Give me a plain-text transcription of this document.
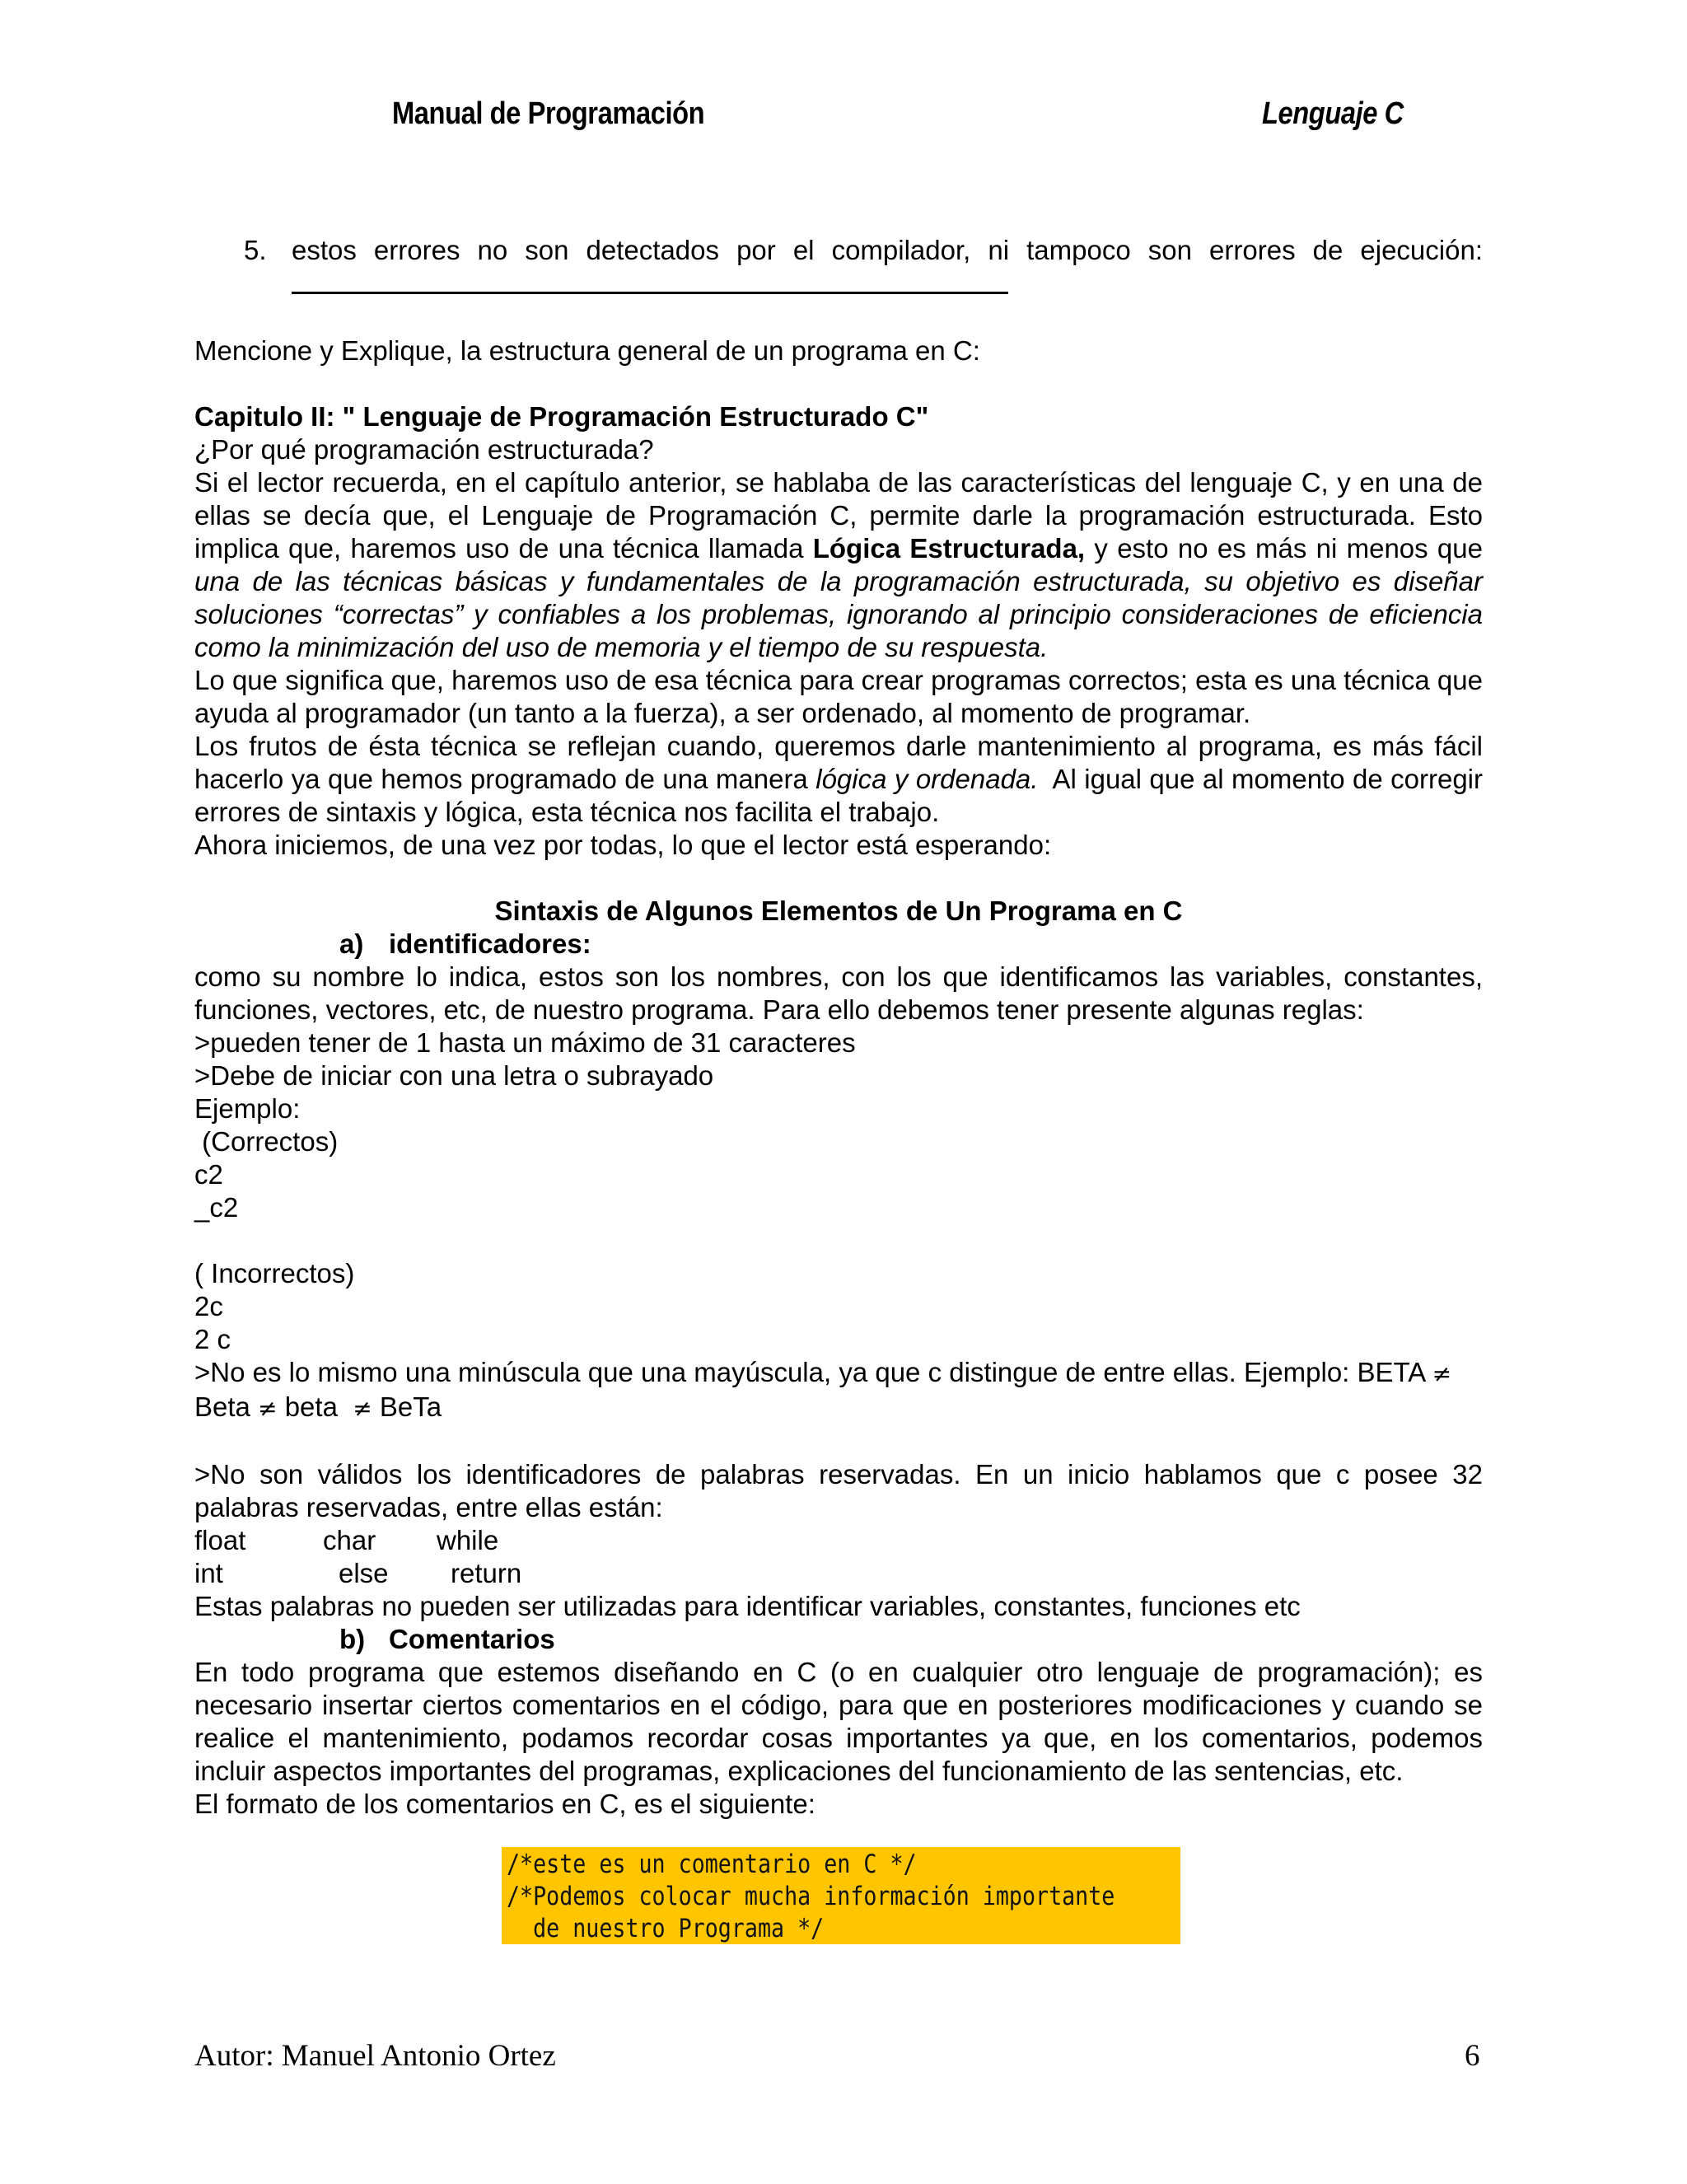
Manual de Programación	Lenguaje C
5. estos errores no son detectados por el compilador, ni tampoco son errores de ejecución:

Mencione y Explique, la estructura general de un programa en C:

Capitulo II: " Lenguaje de Programación Estructurado C"

¿Por qué programación estructurada?

Si el lector recuerda, en el capítulo anterior, se hablaba de las características del lenguaje C, y en una de ellas se decía que, el Lenguaje de Programación C, permite darle la programación estructurada. Esto implica que, haremos uso de una técnica llamada Lógica Estructurada, y esto no es más ni menos que una de las técnicas básicas y fundamentales de la programación estructurada, su objetivo es diseñar soluciones “correctas” y confiables a los problemas, ignorando al principio consideraciones de eficiencia como la minimización del uso de memoria y el tiempo de su respuesta.

Lo que significa que, haremos uso de esa técnica para crear programas correctos; esta es una técnica que ayuda al programador (un tanto a la fuerza), a ser ordenado, al momento de programar.

Los frutos de ésta técnica se reflejan cuando, queremos darle mantenimiento al programa, es más fácil hacerlo ya que hemos programado de una manera lógica y ordenada.  Al igual que al momento de corregir errores de sintaxis y lógica, esta técnica nos facilita el trabajo.

Ahora iniciemos, de una vez por todas, lo que el lector está esperando:

Sintaxis de Algunos Elementos de Un Programa en C

a) identificadores:

como su nombre lo indica, estos son los nombres, con los que identificamos las variables, constantes, funciones, vectores, etc, de nuestro programa. Para ello debemos tener presente algunas reglas:

>pueden tener de 1 hasta un máximo de 31 caracteres

>Debe de iniciar con una letra o subrayado

Ejemplo:

(Correctos)

c2

_c2

( Incorrectos)

2c

2 c

>No es lo mismo una minúscula que una mayúscula, ya que c distingue de entre ellas. Ejemplo: BETA ≠
Beta ≠ beta  ≠ BeTa

>No son válidos los identificadores de palabras reservadas. En un inicio hablamos que c posee 32 palabras reservadas, entre ellas están:

float	char while

int	else return

Estas palabras no pueden ser utilizadas para identificar variables, constantes, funciones etc

b) Comentarios

En todo programa que estemos diseñando en C (o en cualquier otro lenguaje de programación); es necesario insertar ciertos comentarios en el código, para que en posteriores modificaciones y cuando se realice el mantenimiento, podamos recordar cosas importantes ya que, en los comentarios, podemos incluir aspectos importantes del programas, explicaciones del funcionamiento de las sentencias, etc.

El formato de los comentarios en C, es el siguiente:

/*este es un comentario en C */
/*Podemos colocar mucha información importante
de nuestro Programa */
Autor: Manuel Antonio Ortez	6
